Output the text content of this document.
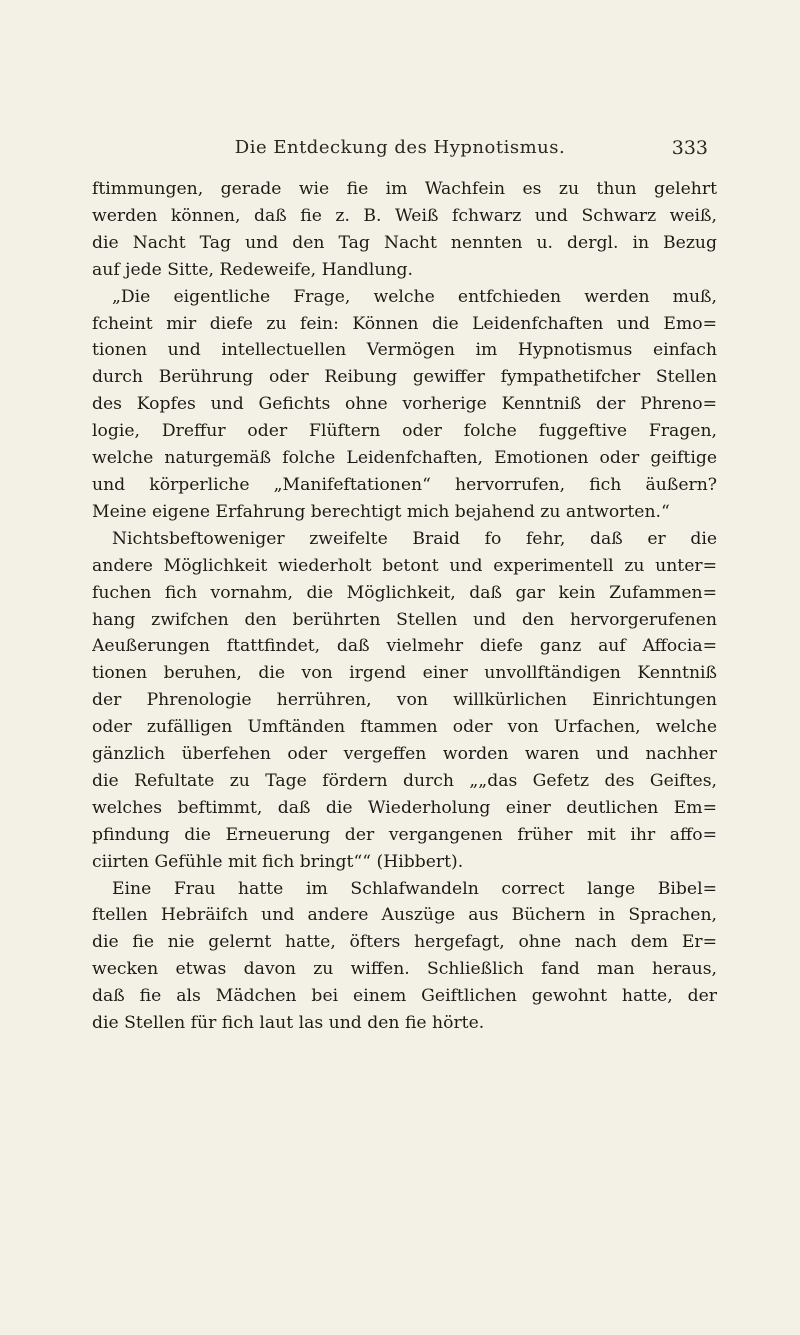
Die Entdeckung des Hypnotismus.	333
ftimmungen, gerade wie fie im Wachfein es zu thun gelehrt
werden können, daß fie z. B. Weiß fchwarz und Schwarz weiß,
die Nacht Tag und den Tag Nacht nennten u. dergl. in Bezug
auf jede Sitte, Redeweife, Handlung.
„Die eigentliche Frage, welche entfchieden werden muß,
fcheint mir diefe zu fein: Können die Leidenfchaften und Emo=
tionen und intellectuellen Vermögen im Hypnotismus einfach
durch Berührung oder Reibung gewiffer fympathetifcher Stellen
des Kopfes und Gefichts ohne vorherige Kenntniß der Phreno=
logie, Dreffur oder Flüftern oder folche fuggeftive Fragen,
welche naturgemäß folche Leidenfchaften, Emotionen oder geiftige
und körperliche „Manifeftationen“ hervorrufen, fich äußern?
Meine eigene Erfahrung berechtigt mich bejahend zu antworten.“
Nichtsbeftoweniger zweifelte Braid fo fehr, daß er die
andere Möglichkeit wiederholt betont und experimentell zu unter=
fuchen fich vornahm, die Möglichkeit, daß gar kein Zufammen=
hang zwifchen den berührten Stellen und den hervorgerufenen
Aeußerungen ftattfindet, daß vielmehr diefe ganz auf Affocia=
tionen beruhen, die von irgend einer unvollftändigen Kenntniß
der Phrenologie herrühren, von willkürlichen Einrichtungen
oder zufälligen Umftänden ftammen oder von Urfachen, welche
gänzlich überfehen oder vergeffen worden waren und nachher
die Refultate zu Tage fördern durch „„das Gefetz des Geiftes,
welches beftimmt, daß die Wiederholung einer deutlichen Em=
pfindung die Erneuerung der vergangenen früher mit ihr affo=
ciirten Gefühle mit fich bringt““ (Hibbert).
Eine Frau hatte im Schlafwandeln correct lange Bibel=
ftellen Hebräifch und andere Auszüge aus Büchern in Sprachen,
die fie nie gelernt hatte, öfters hergefagt, ohne nach dem Er=
wecken etwas davon zu wiffen. Schließlich fand man heraus,
daß fie als Mädchen bei einem Geiftlichen gewohnt hatte, der
die Stellen für fich laut las und den fie hörte.
